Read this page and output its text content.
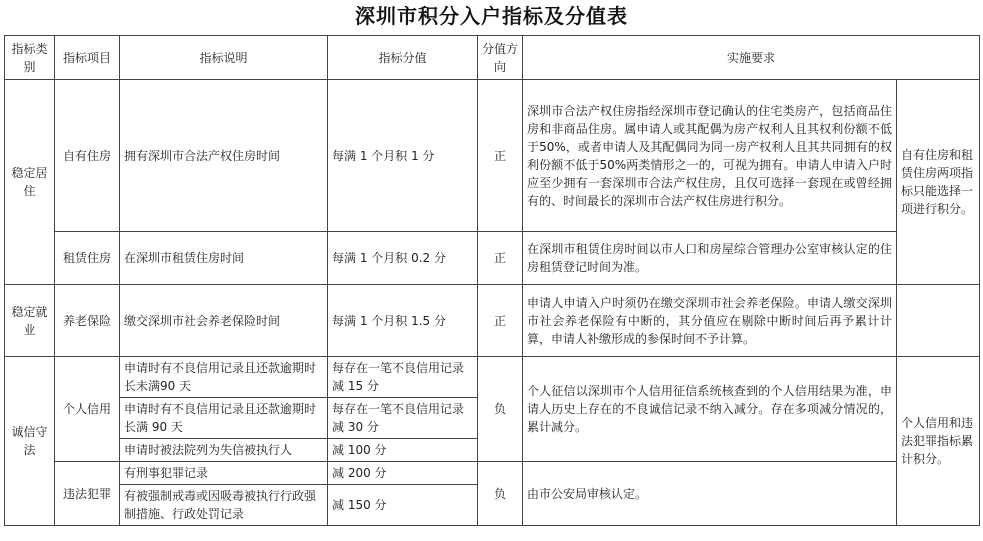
深圳市积分入户指标及分值表
指标类别	指标项目	指标说明	指标分值	分值方向	实施要求	
稳定居住	自有住房	拥有深圳市合法产权住房时间	每满 1 个月积 1 分	正	深圳市合法产权住房指经深圳市登记确认的住宅类房产，包括商品住房和非商品住房。属申请人或其配偶为房产权利人且其权利份额不低于50%，或者申请人及其配偶同为同一房产权利人且其共同拥有的权利份额不低于50%两类情形之一的，可视为拥有。申请人申请入户时应至少拥有一套深圳市合法产权住房，且仅可选择一套现在或曾经拥有的、时间最长的深圳市合法产权住房进行积分。	自有住房和租赁住房两项指标只能选择一项进行积分。
	租赁住房	在深圳市租赁住房时间	每满 1 个月积 0.2 分	正	在深圳市租赁住房时间以市人口和房屋综合管理办公室审核认定的住房租赁登记时间为准。	
稳定就业	养老保险	缴交深圳市社会养老保险时间	每满 1 个月积 1.5 分	正	申请人申请入户时须仍在缴交深圳市社会养老保险。申请人缴交深圳市社会养老保险有中断的，其分值应在剔除中断时间后再予累计计算，申请人补缴形成的参保时间不予计算。	
诚信守法	个人信用	申请时有不良信用记录且还款逾期时长未满90 天	每存在一笔不良信用记录减 15 分	负	个人征信以深圳市个人信用征信系统核查到的个人信用结果为准，申请人历史上存在的不良诚信记录不纳入减分。存在多项减分情况的，累计减分。	个人信用和违法犯罪指标累计积分。
		申请时有不良信用记录且还款逾期时长满 90 天	每存在一笔不良信用记录减 30 分			
		申请时被法院列为失信被执行人	减 100 分			
	违法犯罪	有刑事犯罪记录	减 200 分	负	由市公安局审核认定。	
		有被强制戒毒或因吸毒被执行行政强制措施、行政处罚记录	减 150 分			
